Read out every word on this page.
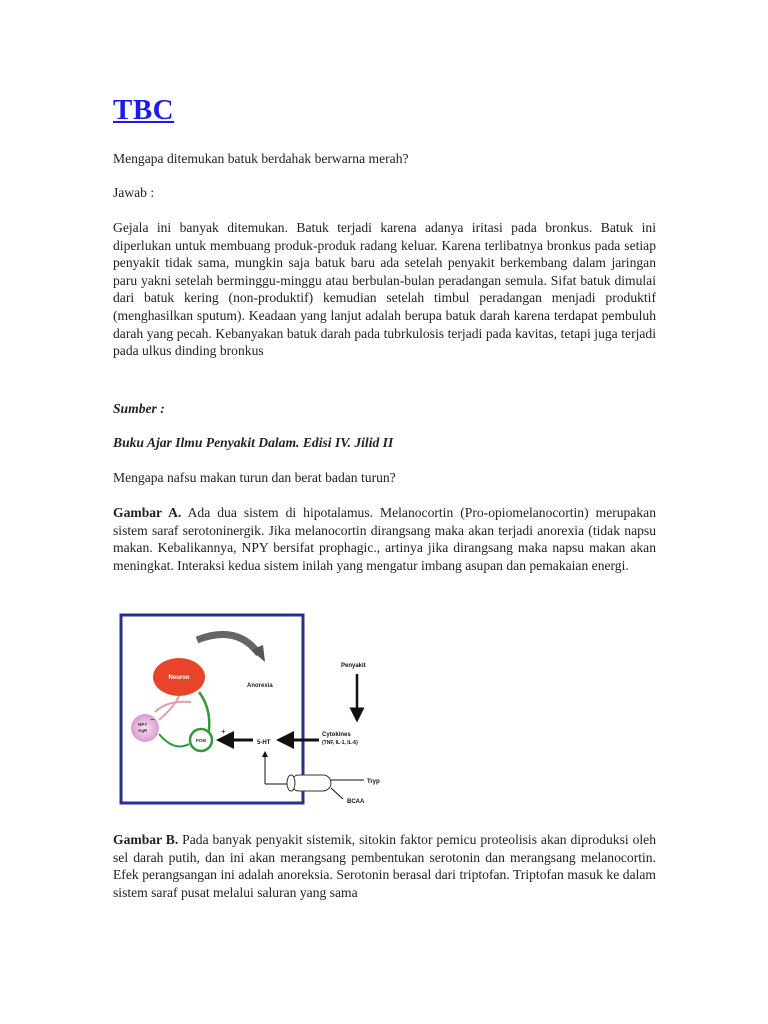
TBC

Mengapa ditemukan batuk berdahak berwarna merah?

Jawab :

Gejala ini banyak ditemukan. Batuk terjadi karena adanya iritasi pada bronkus. Batuk ini diperlukan untuk membuang produk-produk radang keluar. Karena terlibatnya bronkus pada setiap penyakit tidak sama, mungkin saja batuk baru ada setelah penyakit berkembang dalam jaringan paru yakni setelah berminggu-minggu atau berbulan-bulan peradangan semula. Sifat batuk dimulai dari batuk kering (non-produktif) kemudian setelah timbul peradangan menjadi produktif (menghasilkan sputum). Keadaan yang lanjut adalah berupa batuk darah karena terdapat pembuluh darah yang pecah. Kebanyakan batuk darah pada tubrkulosis terjadi pada kavitas, tetapi juga terjadi pada ulkus dinding bronkus

Sumber :

Buku Ajar Ilmu Penyakit Dalam. Edisi IV. Jilid II

Mengapa nafsu makan turun dan berat badan turun?

Gambar A. Ada dua sistem di hipotalamus. Melanocortin (Pro-opiomelanocortin) merupakan sistem saraf serotoninergik. Jika melanocortin dirangsang maka akan terjadi anorexia (tidak napsu makan. Kebalikannya, NPY bersifat prophagic., artinya jika dirangsang maka napsu makan akan meningkat. Interaksi kedua sistem inilah yang mengatur imbang asupan dan pemakaian energi.

Gambar B. Pada banyak penyakit sistemik, sitokin faktor pemicu proteolisis akan diproduksi oleh sel darah putih, dan ini akan merangsang pembentukan serotonin dan merangsang melanocortin. Efek perangsangan ini adalah anoreksia. Serotonin berasal dari triptofan. Triptofan masuk ke dalam sistem saraf pusat melalui saluran yang sama

Neuron
Anorexia
NPY
AgR
POM
+
−
5-HT
Penyakit
Cytokines
(TNF, IL-1, IL-6)
Tryp
BCAA
